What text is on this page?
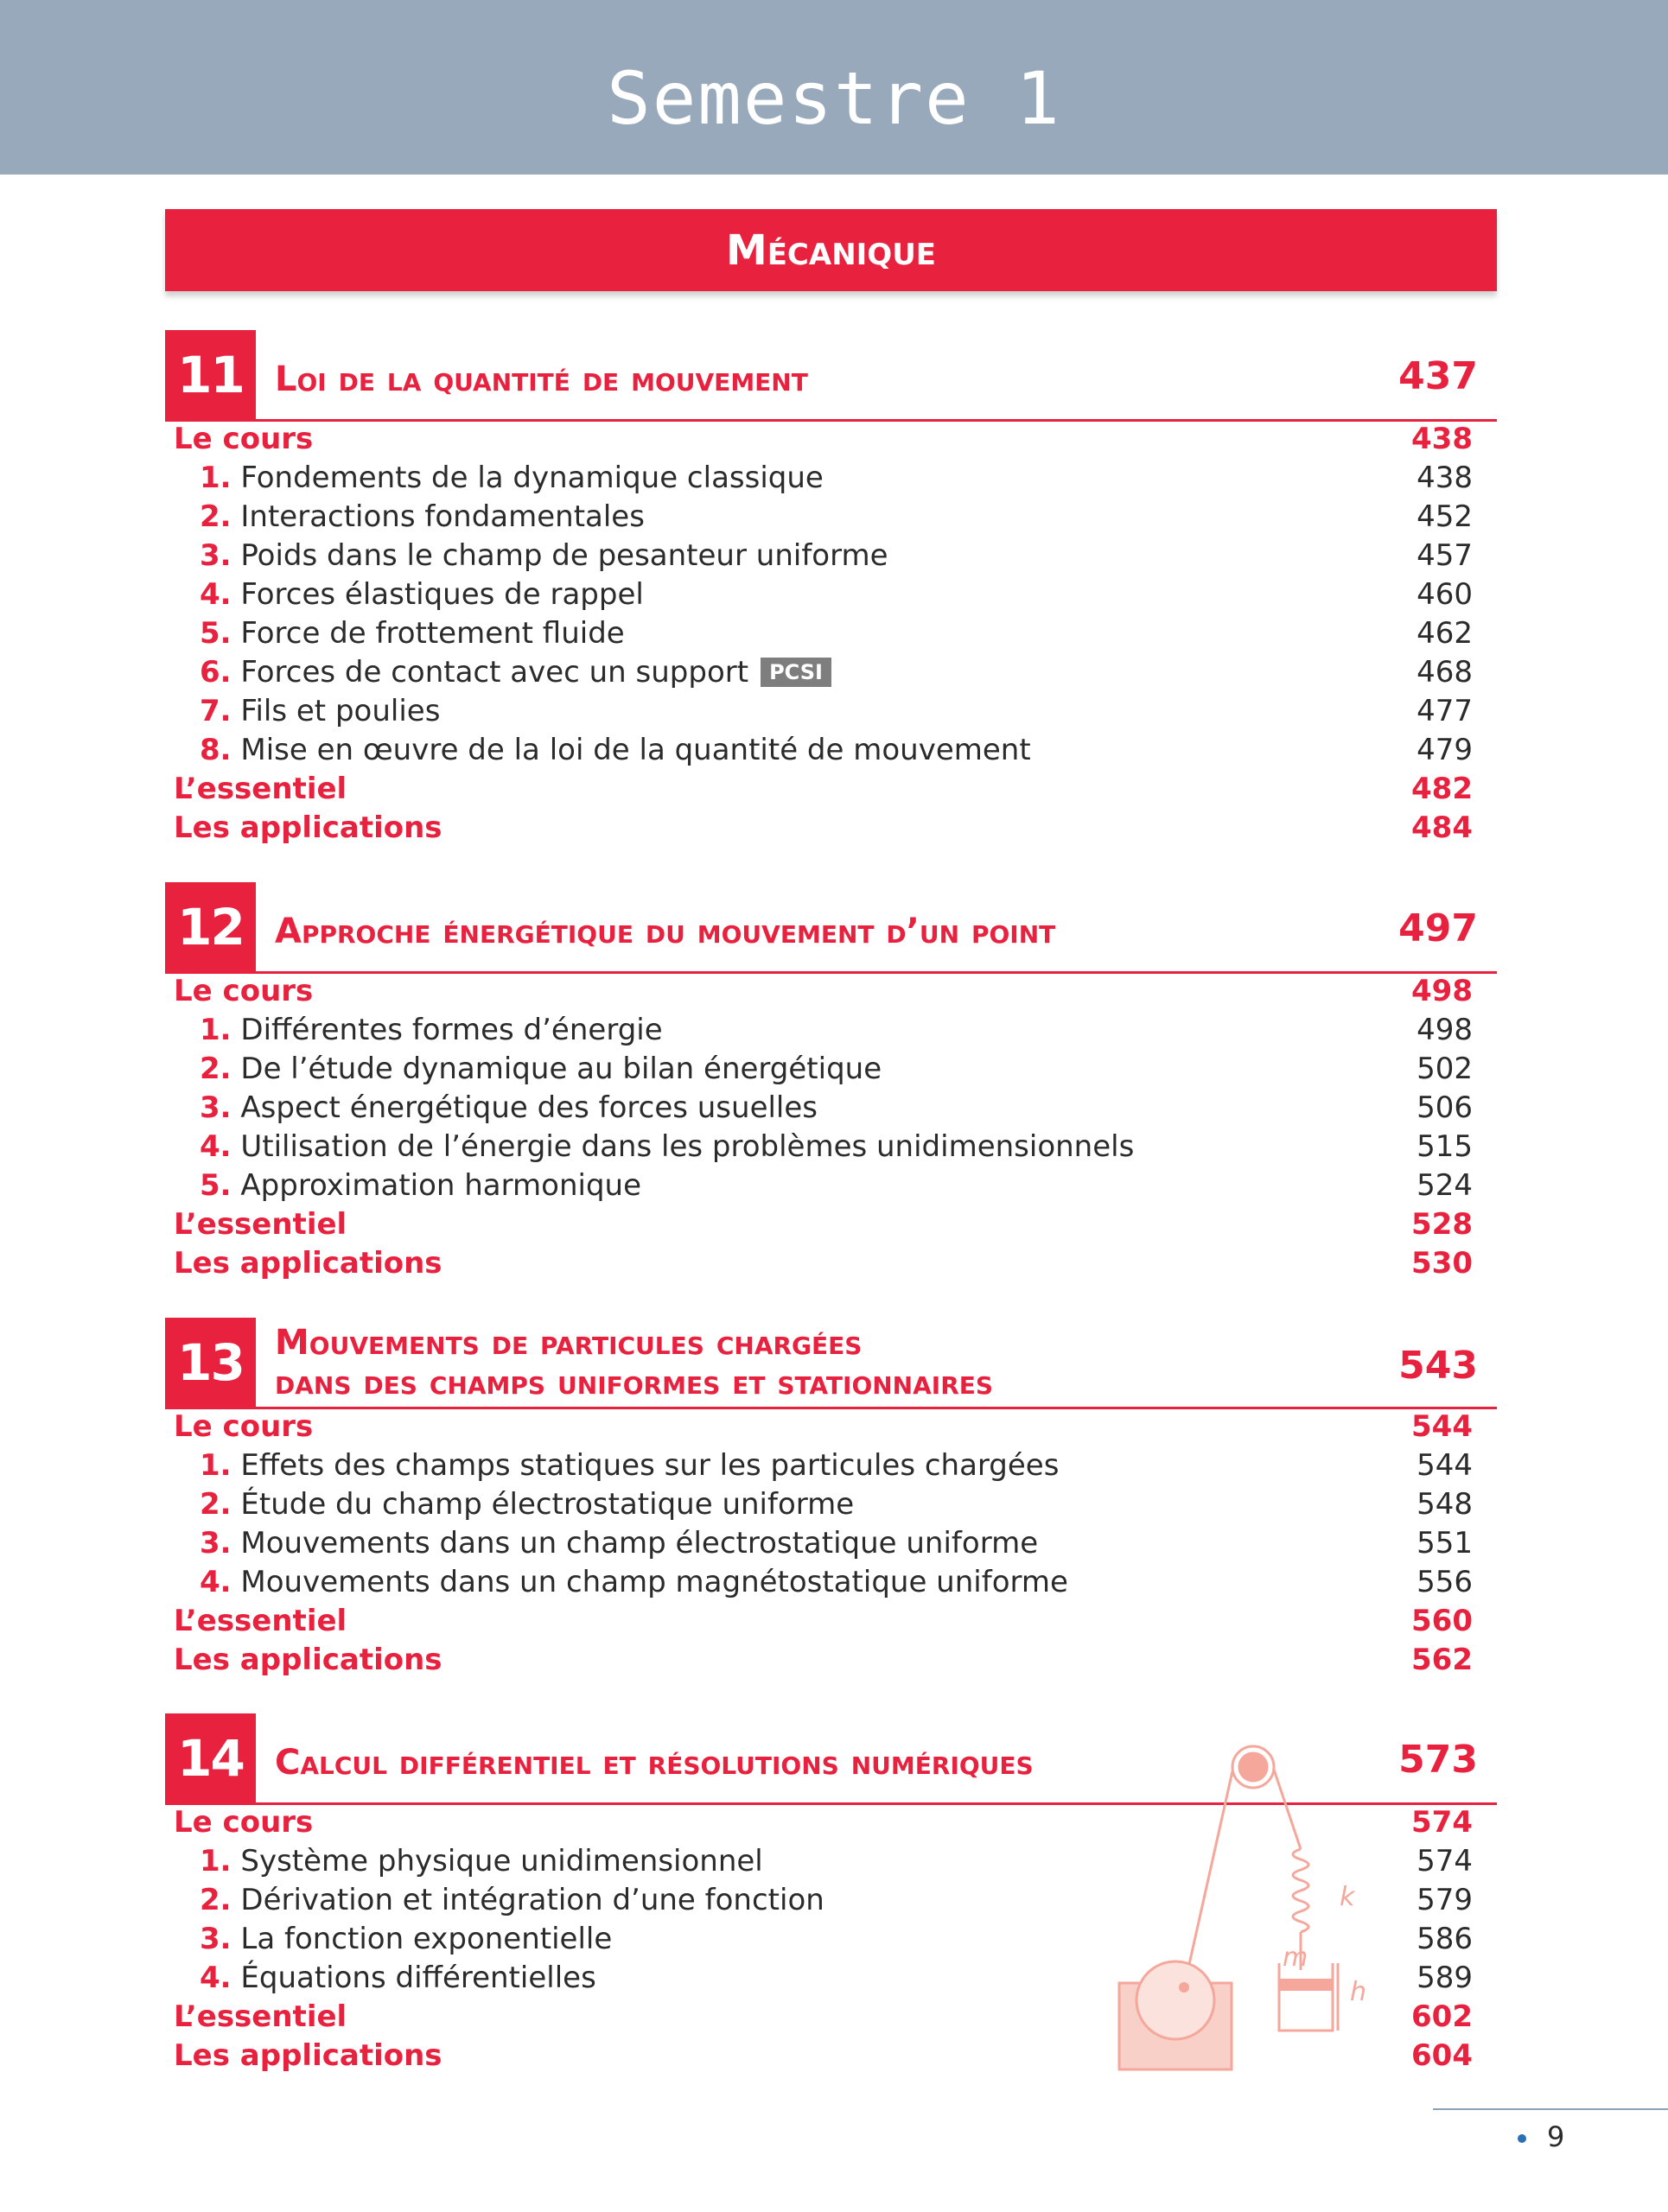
Semestre 1
Mécanique
11 Loi de la quantité de mouvement	437
Le cours	438
1. Fondements de la dynamique classique	438
2. Interactions fondamentales	452
3. Poids dans le champ de pesanteur uniforme	457
4. Forces élastiques de rappel	460
5. Force de frottement fluide	462
6. Forces de contact avec un support PCSI	468
7. Fils et poulies	477
8. Mise en œuvre de la loi de la quantité de mouvement	479
L’essentiel	482
Les applications	484
12 Approche énergétique du mouvement d’un point	497
Le cours	498
1. Différentes formes d’énergie	498
2. De l’étude dynamique au bilan énergétique	502
3. Aspect énergétique des forces usuelles	506
4. Utilisation de l’énergie dans les problèmes unidimensionnels	515
5. Approximation harmonique	524
L’essentiel	528
Les applications	530
13 Mouvements de particules chargées
dans des champs uniformes et stationnaires	543
Le cours	544
1. Effets des champs statiques sur les particules chargées	544
2. Étude du champ électrostatique uniforme	548
3. Mouvements dans un champ électrostatique uniforme	551
4. Mouvements dans un champ magnétostatique uniforme	556
L’essentiel	560
Les applications	562
14 Calcul différentiel et résolutions numériques	573
Le cours	574
1. Système physique unidimensionnel	574
2. Dérivation et intégration d’une fonction	579
3. La fonction exponentielle	586
4. Équations différentielles	589
L’essentiel	602
Les applications	604
k
m
h
9
